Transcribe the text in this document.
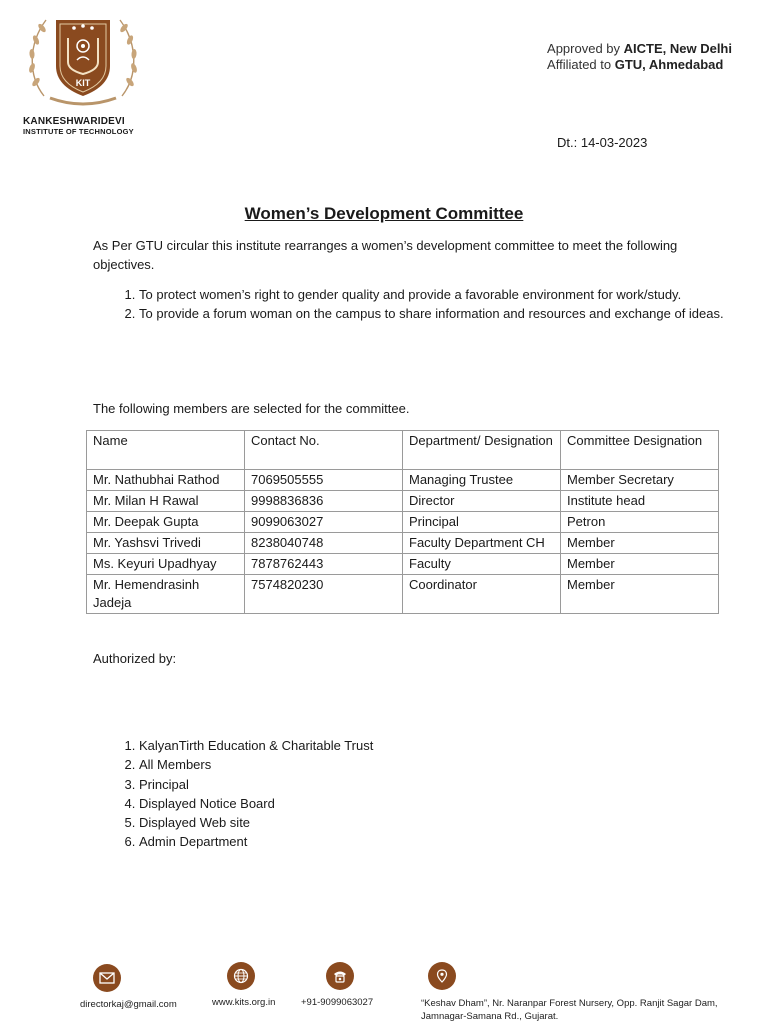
KIT
KANKESHWARIDEVI
INSTITUTE OF TECHNOLOGY
Approved by AICTE, New Delhi
Affiliated to GTU, Ahmedabad
Dt.: 14-03-2023
Women’s Development Committee
As Per GTU circular this institute rearranges a women’s development committee to meet the following objectives.
1. To protect women’s right to gender quality and provide a favorable environment for work/study.
2. To provide a forum woman on the campus to share information and resources and exchange of ideas.
The following members are selected for the committee.
Name	Contact No.	Department/ Designation	Committee Designation
Mr. Nathubhai Rathod	7069505555	Managing Trustee	Member Secretary
Mr. Milan H Rawal	9998836836	Director	Institute head
Mr. Deepak Gupta	9099063027	Principal	Petron
Mr. Yashsvi Trivedi	8238040748	Faculty Department CH	Member
Ms. Keyuri Upadhyay	7878762443	Faculty	Member
Mr. Hemendrasinh Jadeja	7574820230	Coordinator	Member
Authorized by:
1. KalyanTirth Education & Charitable Trust
2. All Members
3. Principal
4. Displayed Notice Board
5. Displayed Web site
6. Admin Department
directorkaj@gmail.com	www.kits.org.in	+91-9099063027	“Keshav Dham”, Nr. Naranpar Forest Nursery, Opp. Ranjit Sagar Dam,
Jamnagar-Samana Rd., Gujarat.
